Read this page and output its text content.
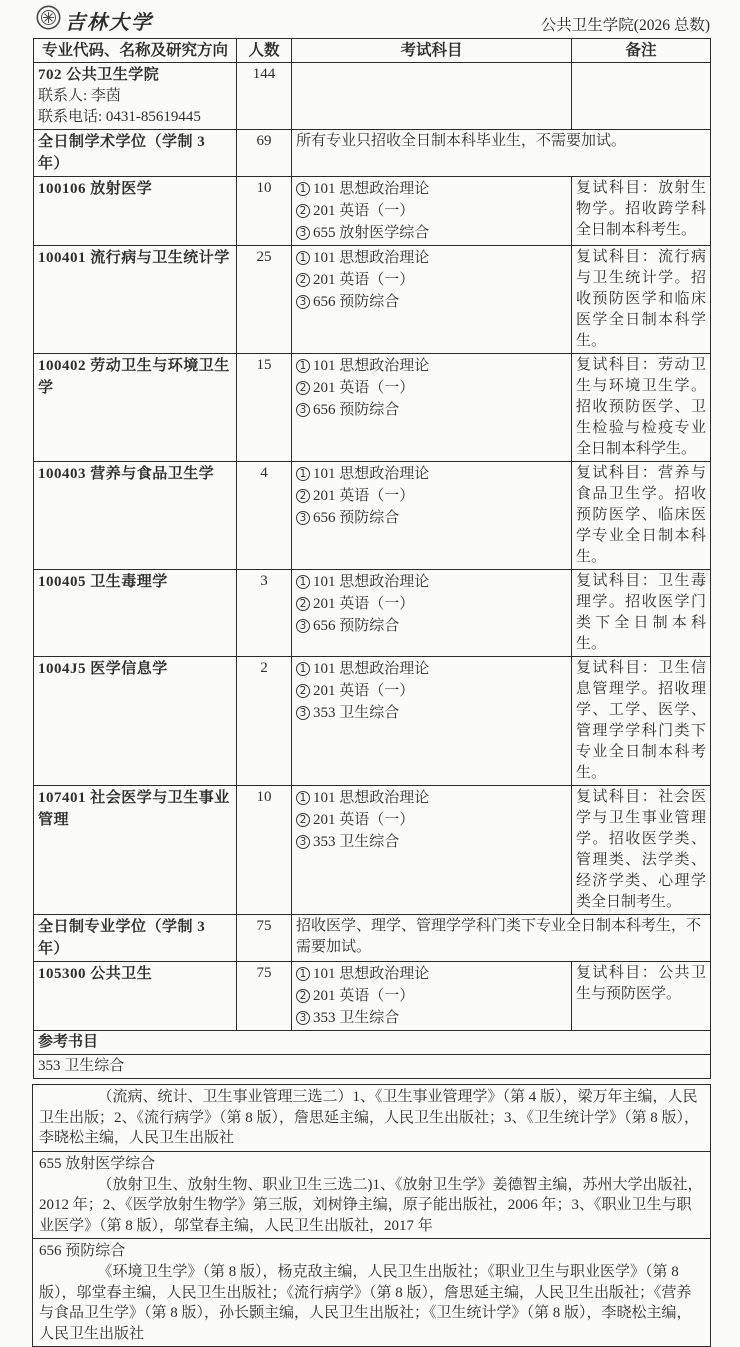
吉林大学	公共卫生学院(2026 总数)
专业代码、名称及研究方向	人数	考试科目	备注

702 公共卫生学院
联系人: 李茵
联系电话: 0431-85619445	144		
全日制学术学位（学制 3 年）	69	所有专业只招收全日制本科毕业生，不需要加试。	
100106 放射医学	10	1 101 思想政治理论
2 201 英语（一）
3 655 放射医学综合	复试科目：放射生物学。招收跨学科全日制本科考生。
100401 流行病与卫生统计学	25	1 101 思想政治理论
2 201 英语（一）
3 656 预防综合	复试科目：流行病与卫生统计学。招收预防医学和临床医学全日制本科学生。
100402 劳动卫生与环境卫生学	15	1 101 思想政治理论
2 201 英语（一）
3 656 预防综合	复试科目：劳动卫生与环境卫生学。招收预防医学、卫生检验与检疫专业全日制本科学生。
100403 营养与食品卫生学	4	1 101 思想政治理论
2 201 英语（一）
3 656 预防综合	复试科目：营养与食品卫生学。招收预防医学、临床医学专业全日制本科生。
100405 卫生毒理学	3	1 101 思想政治理论
2 201 英语（一）
3 656 预防综合	复试科目：卫生毒理学。招收医学门类下全日制本科生。
1004J5 医学信息学	2	1 101 思想政治理论
2 201 英语（一）
3 353 卫生综合	复试科目：卫生信息管理学。招收理学、工学、医学、管理学学科门类下专业全日制本科考生。
107401 社会医学与卫生事业管理	10	1 101 思想政治理论
2 201 英语（一）
3 353 卫生综合	复试科目：社会医学与卫生事业管理学。招收医学类、管理类、法学类、经济学类、心理学类全日制考生。
全日制专业学位（学制 3 年）	75	招收医学、理学、管理学学科门类下专业全日制本科考生，不需要加试。	
105300 公共卫生	75	1 101 思想政治理论
2 201 英语（一）
3 353 卫生综合	复试科目：公共卫生与预防医学。
参考书目			
353 卫生综合			
（流病、统计、卫生事业管理三选二）1、《卫生事业管理学》（第 4 版），梁万年主编，人民卫生出版；2、《流行病学》（第 8 版），詹思延主编，人民卫生出版社；3、《卫生统计学》（第 8 版），李晓松主编，人民卫生出版社
655 放射医学综合
（放射卫生、放射生物、职业卫生三选二)1、《放射卫生学》姜德智主编，苏州大学出版社，2012 年；2、《医学放射生物学》第三版，刘树铮主编，原子能出版社，2006 年；3、《职业卫生与职业医学》（第 8 版），邬堂春主编，人民卫生出版社，2017 年
656 预防综合
《环境卫生学》（第 8 版），杨克敌主编，人民卫生出版社；《职业卫生与职业医学》（第 8 版），邬堂春主编，人民卫生出版社；《流行病学》（第 8 版），詹思延主编，人民卫生出版社；《营养与食品卫生学》（第 8 版），孙长颢主编，人民卫生出版社；《卫生统计学》（第 8 版），李晓松主编，人民卫生出版社
